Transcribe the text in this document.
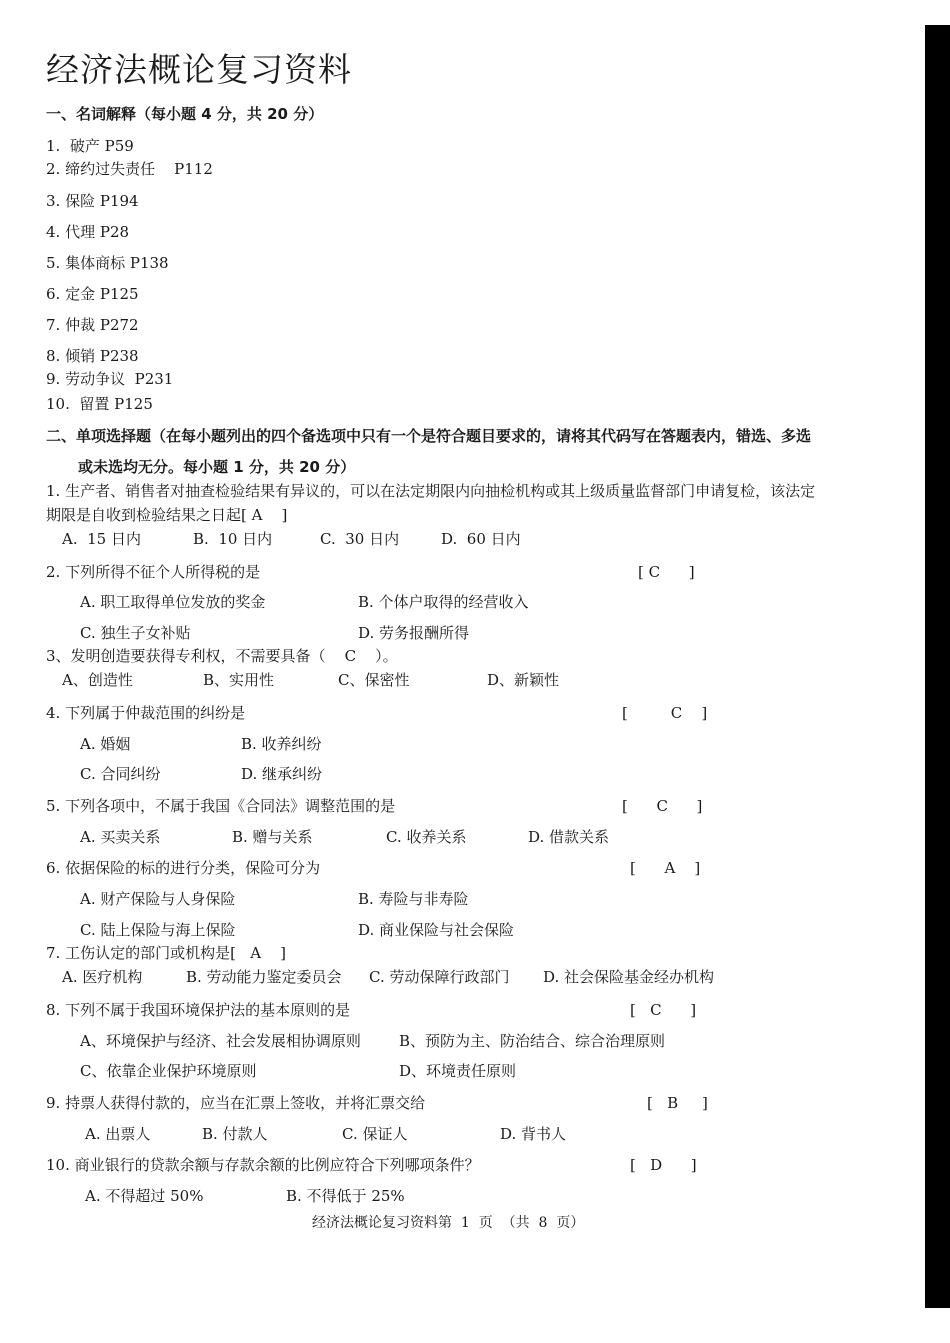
经济法概论复习资料
一、名词解释（每小题 4 分，共 20 分）
1.  破产 P59
2. 缔约过失责任    P112
3. 保险 P194
4. 代理 P28
5. 集体商标 P138
6. 定金 P125
7. 仲裁 P272
8. 倾销 P238
9. 劳动争议  P231
10.  留置 P125
二、单项选择题（在每小题列出的四个备选项中只有一个是符合题目要求的，请将其代码写在答题表内，错选、多选
或未选均无分。每小题 1 分，共 20 分）
1. 生产者、销售者对抽查检验结果有异议的，可以在法定期限内向抽检机构或其上级质量监督部门申请复检，该法定
期限是自收到检验结果之日起[ A    ]
A.  15 日内	B.  10 日内	C.  30 日内	D.  60 日内
2. 下列所得不征个人所得税的是	[ C      ]
A. 职工取得单位发放的奖金	B. 个体户取得的经营收入
C. 独生子女补贴	D. 劳务报酬所得
3、发明创造要获得专利权，不需要具备（    C    ）。
A、创造性	B、实用性	C、保密性	D、新颖性
4. 下列属于仲裁范围的纠纷是	[         C    ]
A. 婚姻	B. 收养纠纷
C. 合同纠纷	D. 继承纠纷
5. 下列各项中，不属于我国《合同法》调整范围的是	[      C      ]
A. 买卖关系	B. 赠与关系	C. 收养关系	D. 借款关系
6. 依据保险的标的进行分类，保险可分为	[      A    ]
A. 财产保险与人身保险	B. 寿险与非寿险
C. 陆上保险与海上保险	D. 商业保险与社会保险
7. 工伤认定的部门或机构是[   A    ]
A. 医疗机构	B. 劳动能力鉴定委员会 C. 劳动保障行政部门 D. 社会保险基金经办机构
8. 下列不属于我国环境保护法的基本原则的是	[   C      ]
A、环境保护与经济、社会发展相协调原则	B、预防为主、防治结合、综合治理原则
C、依靠企业保护环境原则	D、环境责任原则
9. 持票人获得付款的，应当在汇票上签收，并将汇票交给	[   B     ]
A. 出票人	B. 付款人	C. 保证人	D. 背书人
10. 商业银行的贷款余额与存款余额的比例应符合下列哪项条件？	[   D      ]
A. 不得超过 50%	B. 不得低于 25%
经济法概论复习资料第  1  页  （共  8  页）
